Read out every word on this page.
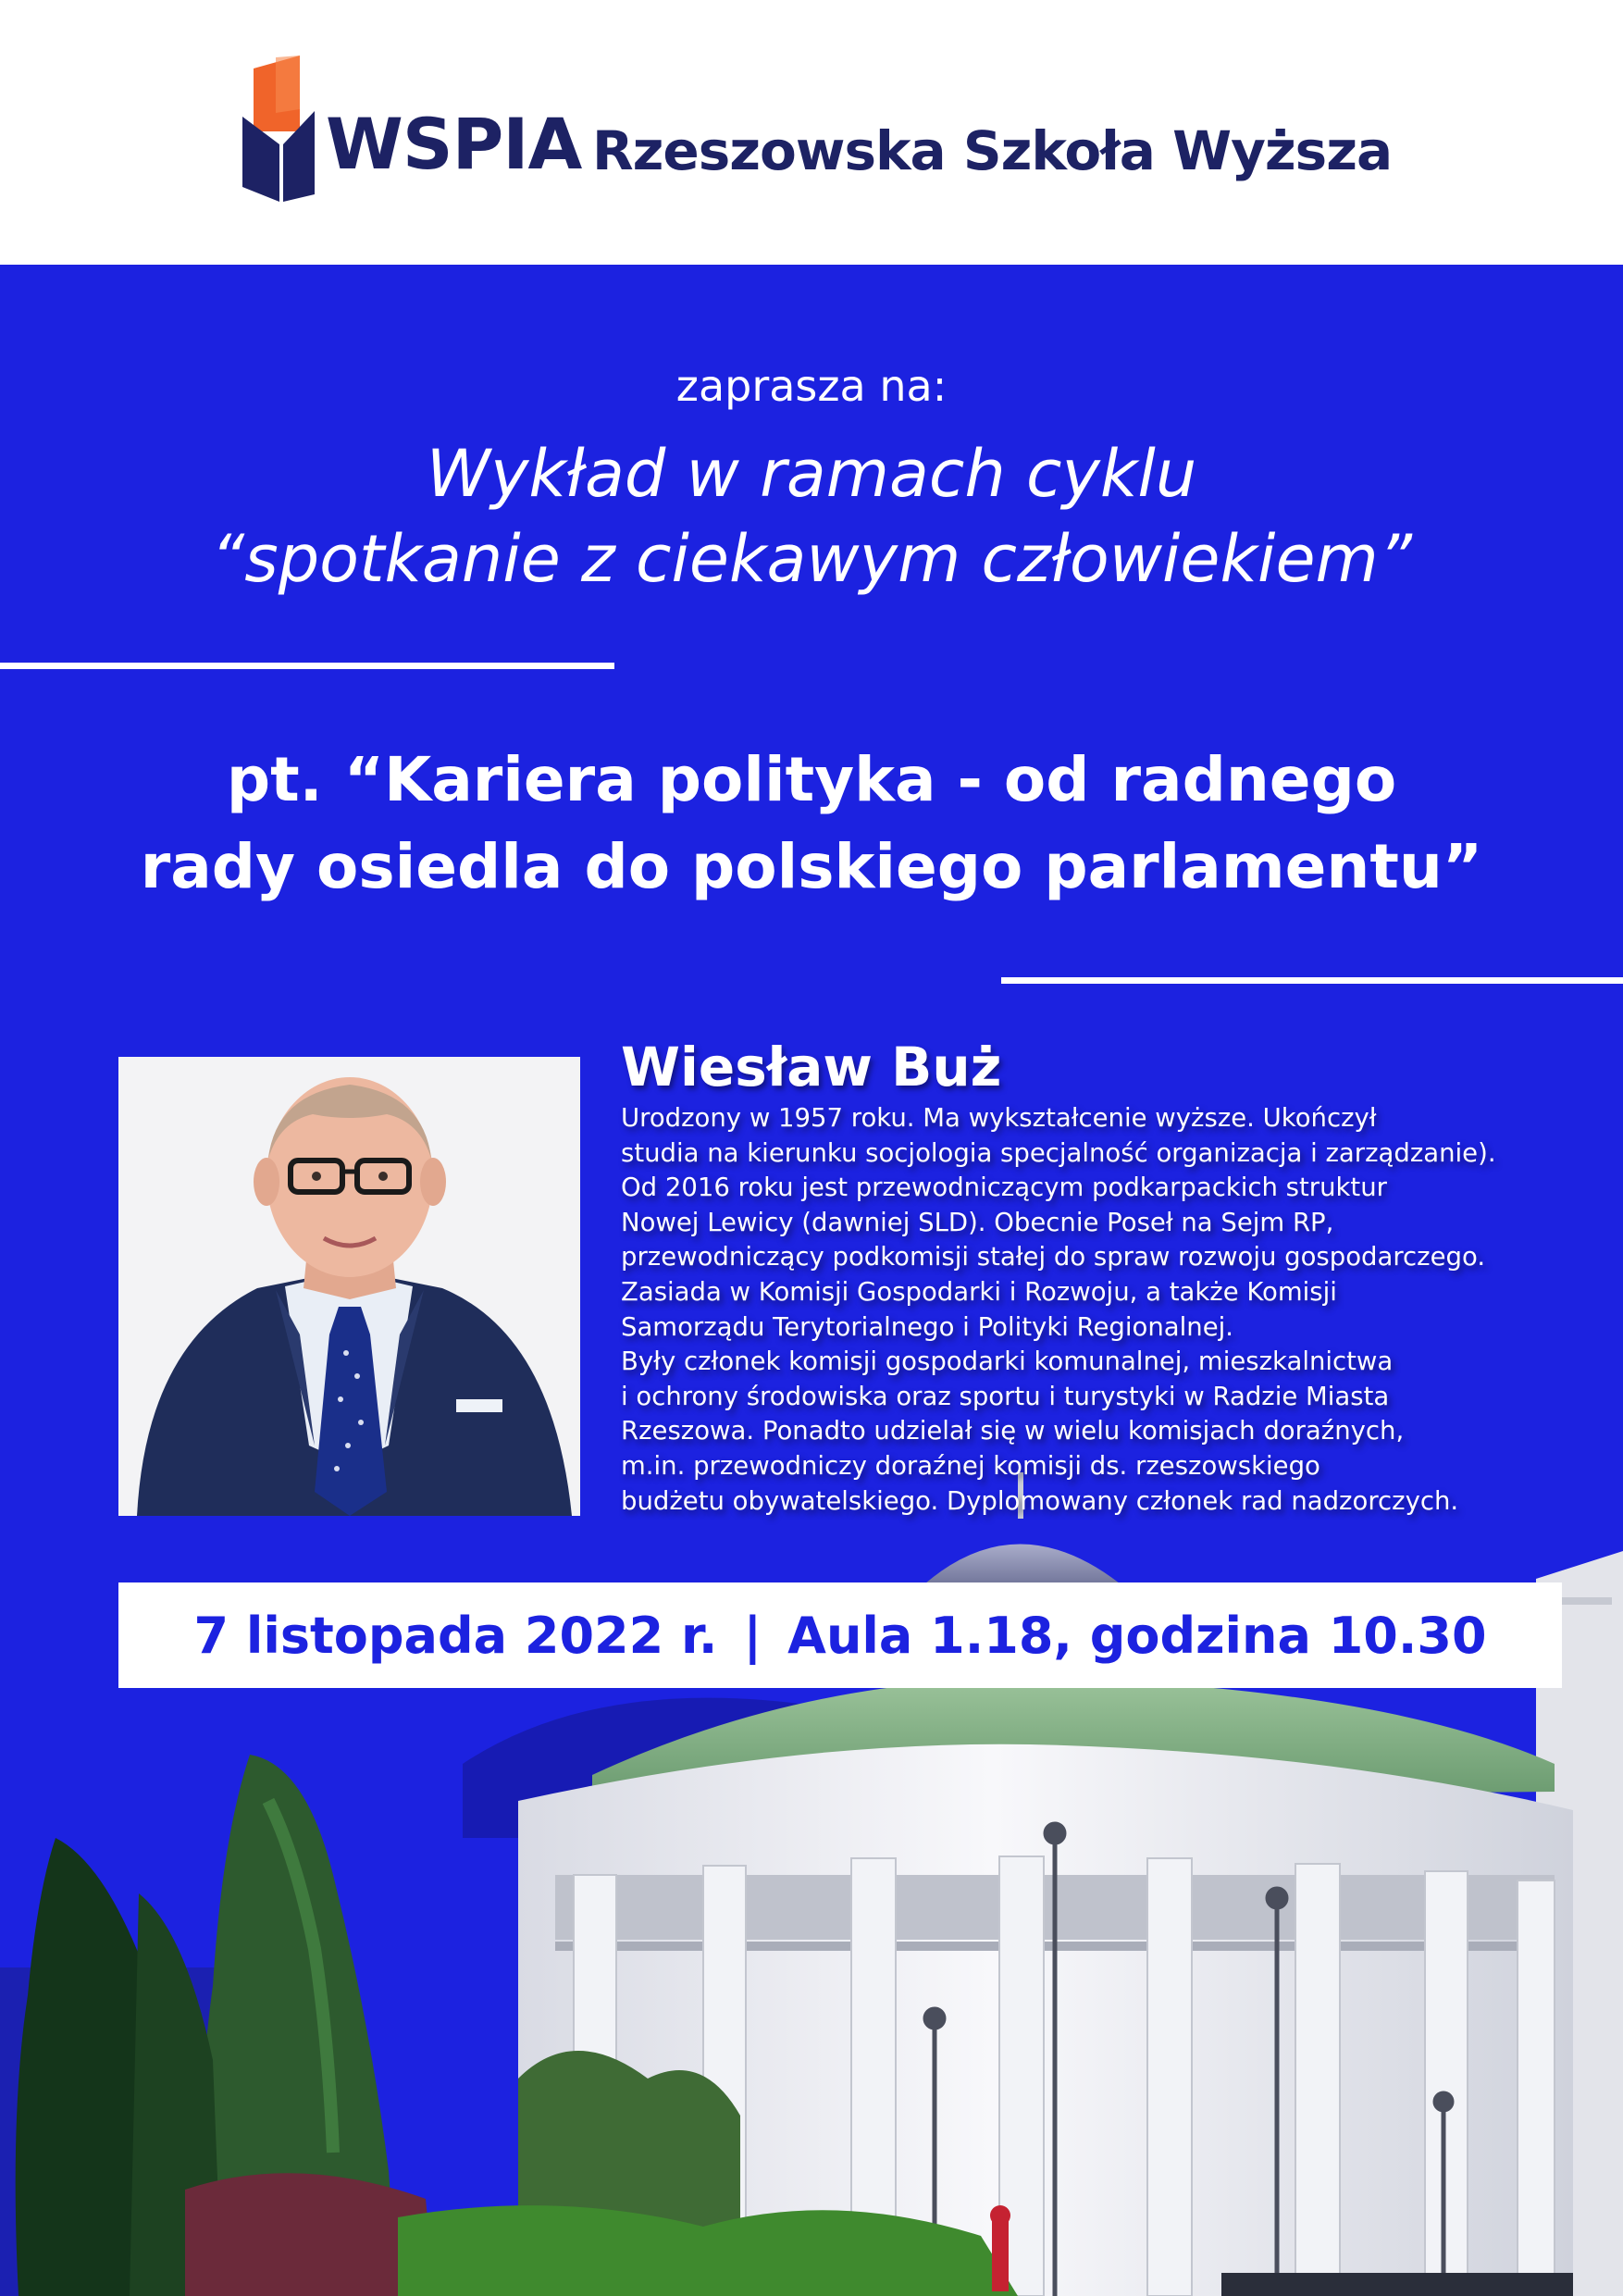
WSPIA Rzeszowska Szkoła Wyższa
zaprasza na:
Wykład w ramach cyklu
“spotkanie z ciekawym człowiekiem”
pt. “Kariera polityka - od radnego
rady osiedla do polskiego parlamentu”
Wiesław Buż
Urodzony w 1957 roku. Ma wykształcenie wyższe. Ukończył
studia na kierunku socjologia specjalność organizacja i zarządzanie).
Od 2016 roku jest przewodniczącym podkarpackich struktur
Nowej Lewicy (dawniej SLD). Obecnie Poseł na Sejm RP,
przewodniczący podkomisji stałej do spraw rozwoju gospodarczego.
Zasiada w Komisji Gospodarki i Rozwoju, a także Komisji
Samorządu Terytorialnego i Polityki Regionalnej.
Były członek komisji gospodarki komunalnej, mieszkalnictwa
i ochrony środowiska oraz sportu i turystyki w Radzie Miasta
Rzeszowa. Ponadto udzielał się w wielu komisjach doraźnych,
m.in. przewodniczy doraźnej komisji ds. rzeszowskiego
budżetu obywatelskiego. Dyplomowany członek rad nadzorczych.
7 listopada 2022 r. | Aula 1.18, godzina 10.30
